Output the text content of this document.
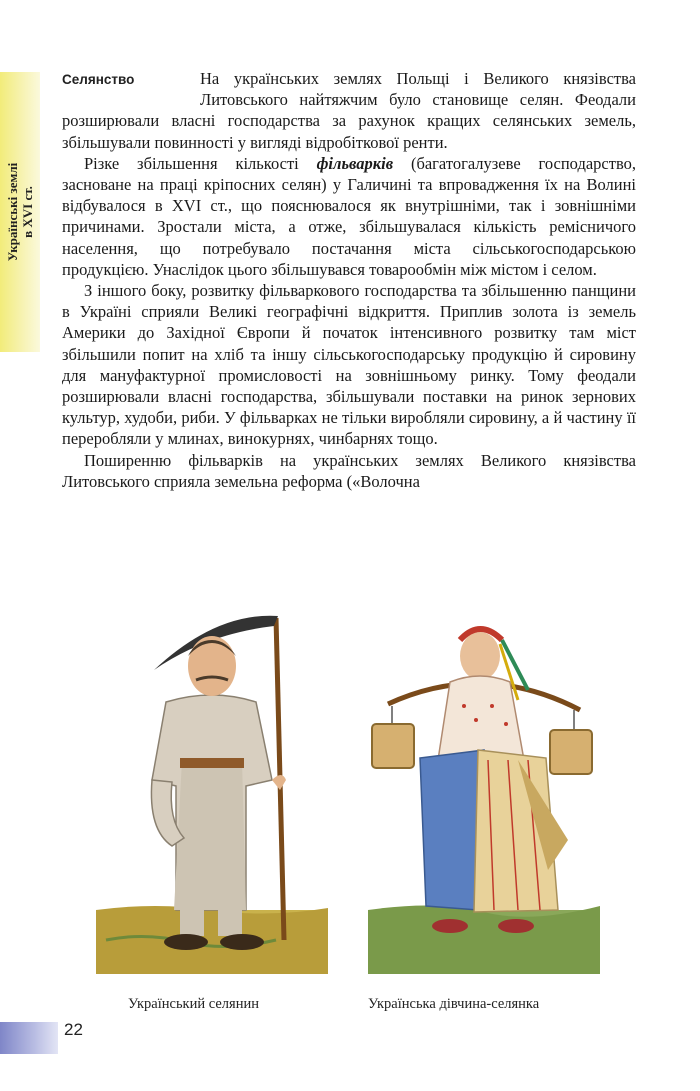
Українські землі в XVI ст.
Селянство	На українських землях Польщі і Великого князівства Литовського найтяжчим було становище селян. Феодали розширювали власні господарства за рахунок кращих селянських земель, збільшували повинності у вигляді відробіткової ренти.

Різке збільшення кількості фільварків (багатогалузеве господарство, засноване на праці кріпосних селян) у Галичині та впровадження їх на Волині відбувалося в XVI ст., що пояснювалося як внутрішніми, так і зовнішніми причинами. Зростали міста, а отже, збільшувалася кількість ремісничого населення, що потребувало постачання міста сільськогосподарською продукцією. Унаслідок цього збільшувався товарообмін між містом і селом.

З іншого боку, розвитку фільваркового господарства та збільшенню панщини в Україні сприяли Великі географічні відкриття. Приплив золота із земель Америки до Західної Європи й початок інтенсивного розвитку там міст збільшили попит на хліб та іншу сільськогосподарську продукцію й сировину для мануфактурної промисловості на зовнішньому ринку. Тому феодали розширювали власні господарства, збільшували поставки на ринок зернових культур, худоби, риби. У фільварках не тільки виробляли сировину, а й частину її переробляли у млинах, винокурнях, чинбарнях тощо.

Поширенню фільварків на українських землях Великого князівства Литовського сприяла земельна реформа («Волочна

Український селянин	Українська дівчина-селянка
22
